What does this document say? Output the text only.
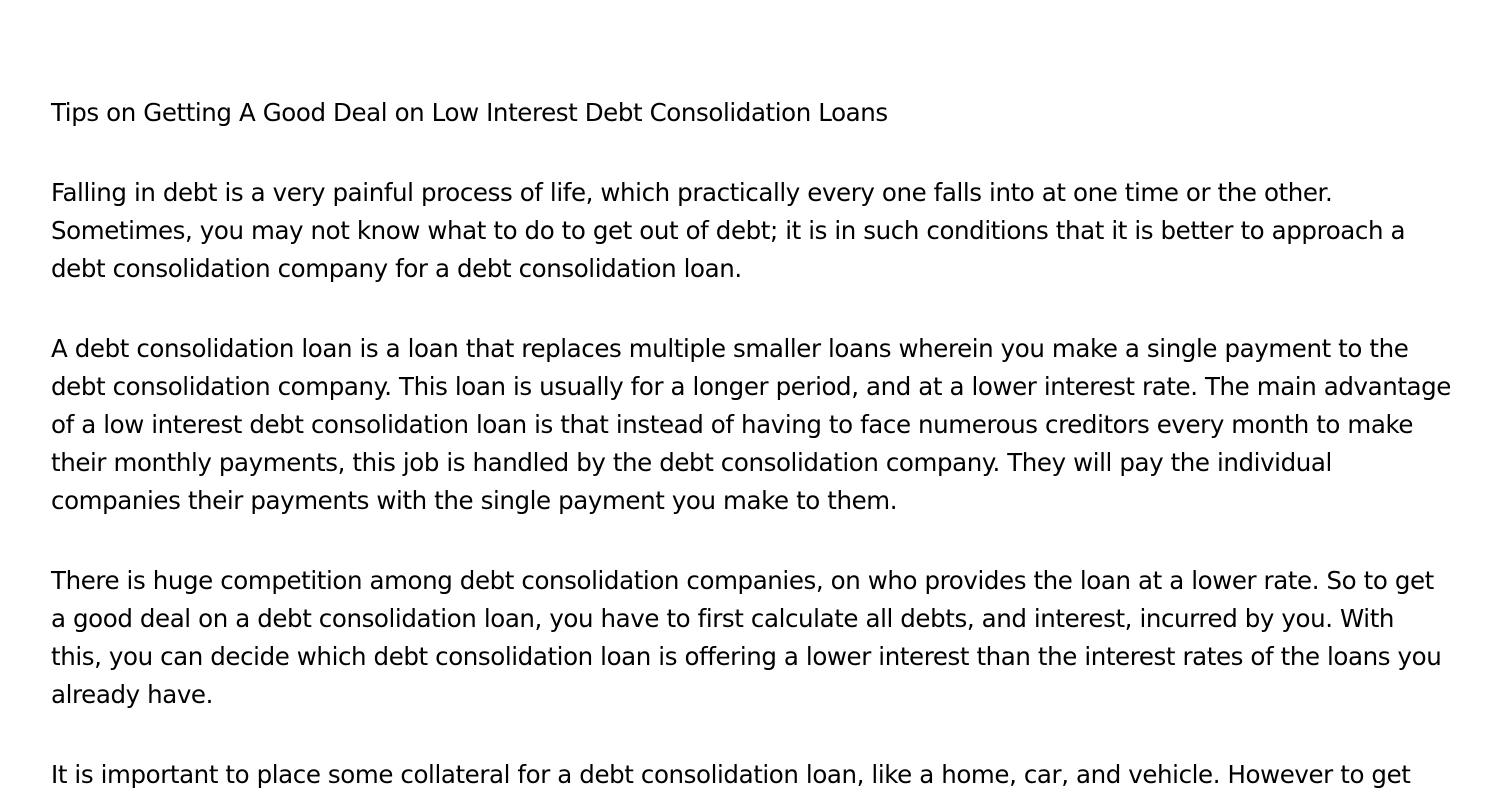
Tips on Getting A Good Deal on Low Interest Debt Consolidation Loans

Falling in debt is a very painful process of life, which practically every one falls into at one time or the other. Sometimes, you may not know what to do to get out of debt; it is in such conditions that it is better to approach a debt consolidation company for a debt consolidation loan.

A debt consolidation loan is a loan that replaces multiple smaller loans wherein you make a single payment to the debt consolidation company. This loan is usually for a longer period, and at a lower interest rate. The main advantage of a low interest debt consolidation loan is that instead of having to face numerous creditors every month to make their monthly payments, this job is handled by the debt consolidation company. They will pay the individual companies their payments with the single payment you make to them.

There is huge competition among debt consolidation companies, on who provides the loan at a lower rate. So to get a good deal on a debt consolidation loan, you have to first calculate all debts, and interest, incurred by you. With this, you can decide which debt consolidation loan is offering a lower interest than the interest rates of the loans you already have.

It is important to place some collateral for a debt consolidation loan, like a home, car, and vehicle. However to get
